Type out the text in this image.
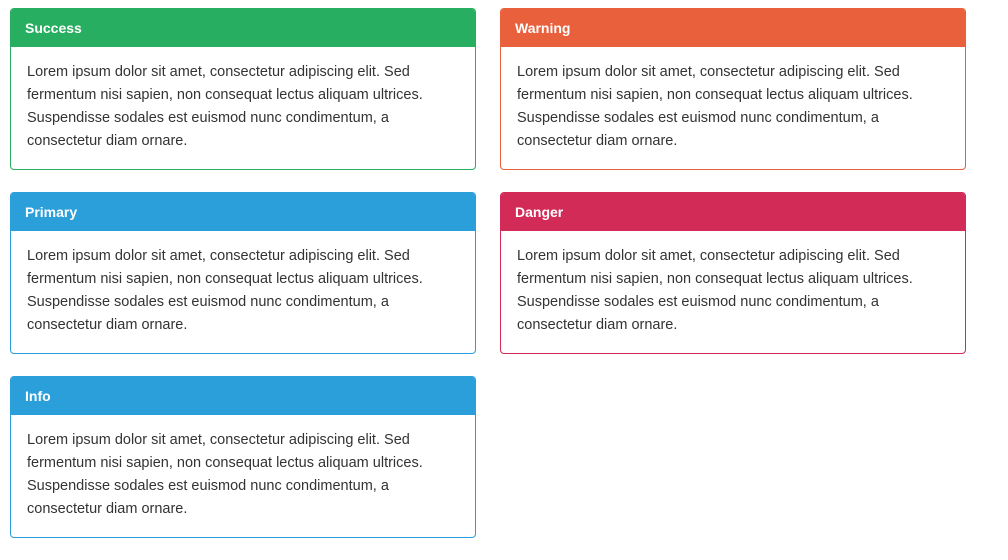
Success
Lorem ipsum dolor sit amet, consectetur adipiscing elit. Sed fermentum nisi sapien, non consequat lectus aliquam ultrices. Suspendisse sodales est euismod nunc condimentum, a consectetur diam ornare.
Primary
Lorem ipsum dolor sit amet, consectetur adipiscing elit. Sed fermentum nisi sapien, non consequat lectus aliquam ultrices. Suspendisse sodales est euismod nunc condimentum, a consectetur diam ornare.
Info
Lorem ipsum dolor sit amet, consectetur adipiscing elit. Sed fermentum nisi sapien, non consequat lectus aliquam ultrices. Suspendisse sodales est euismod nunc condimentum, a consectetur diam ornare.
Warning
Lorem ipsum dolor sit amet, consectetur adipiscing elit. Sed fermentum nisi sapien, non consequat lectus aliquam ultrices. Suspendisse sodales est euismod nunc condimentum, a consectetur diam ornare.
Danger
Lorem ipsum dolor sit amet, consectetur adipiscing elit. Sed fermentum nisi sapien, non consequat lectus aliquam ultrices. Suspendisse sodales est euismod nunc condimentum, a consectetur diam ornare.
